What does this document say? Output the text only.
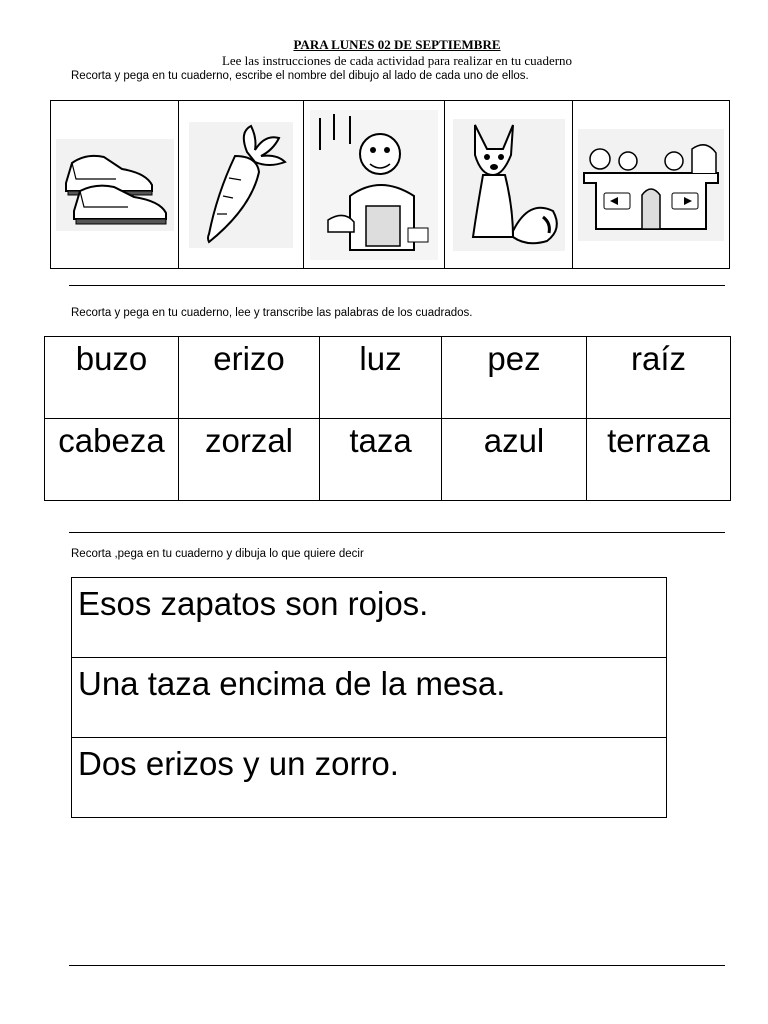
PARA LUNES 02 DE SEPTIEMBRE
Lee las instrucciones de cada actividad para realizar en tu cuaderno
Recorta y pega en tu cuaderno, escribe el nombre del dibujo al lado de cada uno de ellos.

Recorta y pega en tu cuaderno, lee y transcribe las palabras de los cuadrados.
buzo	erizo	luz	pez	raíz
cabeza	zorzal	taza	azul	terraza
Recorta ,pega en tu cuaderno y dibuja lo que quiere decir
Esos zapatos son rojos.
Una taza encima de la mesa.
Dos erizos y un zorro.
